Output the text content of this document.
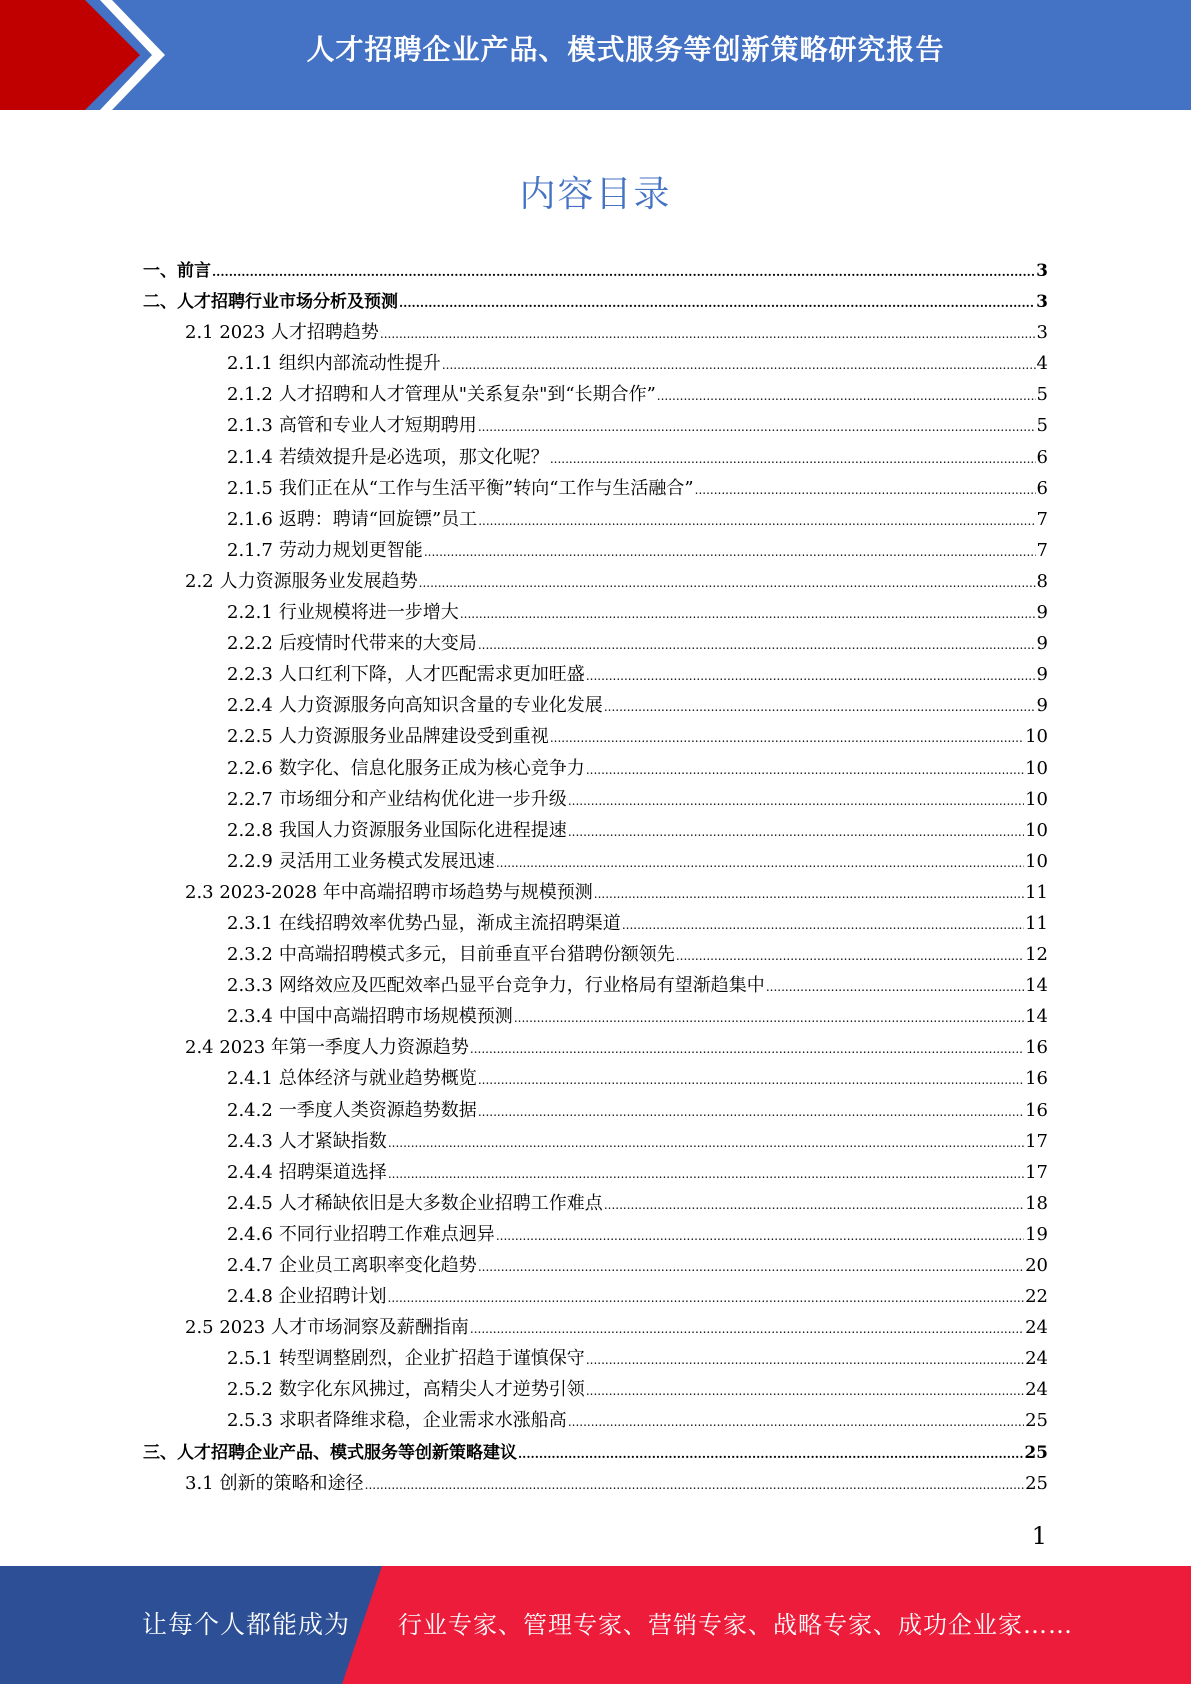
人才招聘企业产品、模式服务等创新策略研究报告
内容目录
一、前言 .....	3
二、人才招聘行业市场分析及预测 .....	3
2.1 2023 人才招聘趋势 .....	3
2.1.1 组织内部流动性提升 .....	4
2.1.2 人才招聘和人才管理从"关系复杂"到“长期合作” .....	5
2.1.3 高管和专业人才短期聘用 .....	5
2.1.4 若绩效提升是必选项，那文化呢？ .....	6
2.1.5 我们正在从“工作与生活平衡”转向“工作与生活融合” .....	6
2.1.6 返聘：聘请“回旋镖”员工 .....	7
2.1.7 劳动力规划更智能 .....	7
2.2 人力资源服务业发展趋势 .....	8
2.2.1 行业规模将进一步增大 .....	9
2.2.2 后疫情时代带来的大变局 .....	9
2.2.3 人口红利下降，人才匹配需求更加旺盛 .....	9
2.2.4 人力资源服务向高知识含量的专业化发展 .....	9
2.2.5 人力资源服务业品牌建设受到重视 .....	10
2.2.6 数字化、信息化服务正成为核心竞争力 .....	10
2.2.7 市场细分和产业结构优化进一步升级 .....	10
2.2.8 我国人力资源服务业国际化进程提速 .....	10
2.2.9 灵活用工业务模式发展迅速 .....	10
2.3 2023-2028 年中高端招聘市场趋势与规模预测 .....	11
2.3.1 在线招聘效率优势凸显，渐成主流招聘渠道 .....	11
2.3.2 中高端招聘模式多元，目前垂直平台猎聘份额领先 .....	12
2.3.3 网络效应及匹配效率凸显平台竞争力，行业格局有望渐趋集中 .....	14
2.3.4 中国中高端招聘市场规模预测 .....	14
2.4 2023 年第一季度人力资源趋势 .....	16
2.4.1 总体经济与就业趋势概览 .....	16
2.4.2 一季度人类资源趋势数据 .....	16
2.4.3 人才紧缺指数 .....	17
2.4.4 招聘渠道选择 .....	17
2.4.5 人才稀缺依旧是大多数企业招聘工作难点 .....	18
2.4.6 不同行业招聘工作难点迥异 .....	19
2.4.7 企业员工离职率变化趋势 .....	20
2.4.8 企业招聘计划 .....	22
2.5 2023 人才市场洞察及薪酬指南 .....	24
2.5.1 转型调整剧烈，企业扩招趋于谨慎保守 .....	24
2.5.2 数字化东风拂过，高精尖人才逆势引领 .....	24
2.5.3 求职者降维求稳，企业需求水涨船高 .....	25
三、人才招聘企业产品、模式服务等创新策略建议 .....	25
3.1 创新的策略和途径 .....	25
1
让每个人都能成为 行业专家、管理专家、营销专家、战略专家、成功企业家……
